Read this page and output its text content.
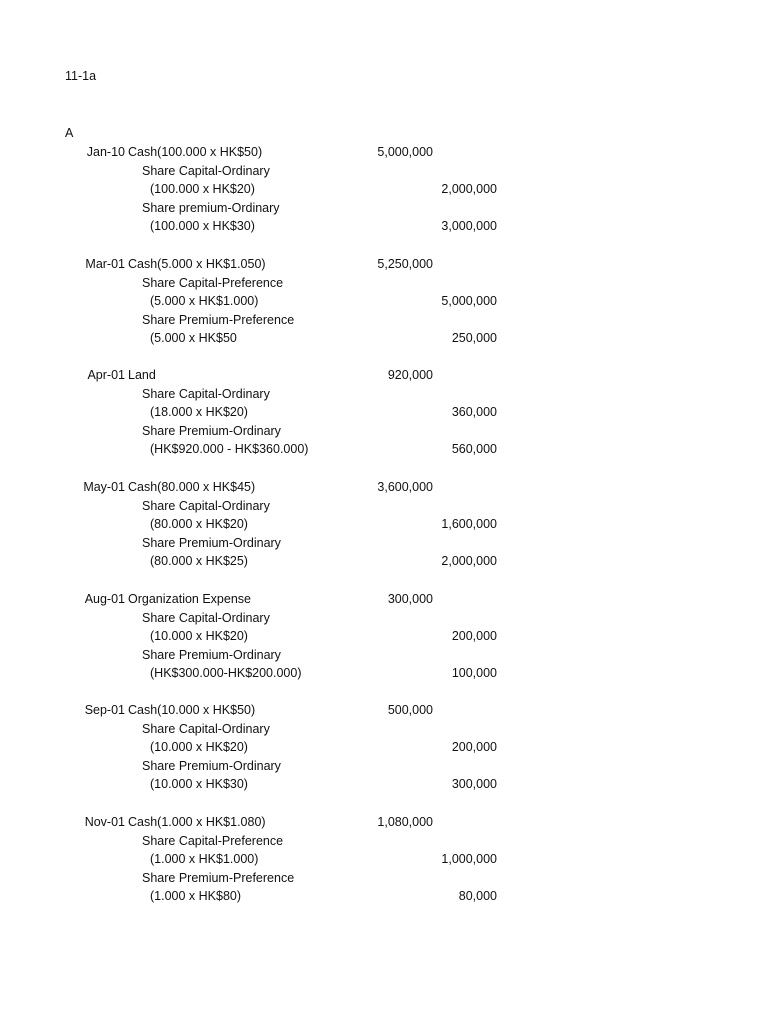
11-1a
A
Jan-10 Cash(100.000 x HK$50)	5,000,000
Share Capital-Ordinary
(100.000 x HK$20)	2,000,000
Share premium-Ordinary
(100.000 x HK$30)	3,000,000
Mar-01 Cash(5.000 x HK$1.050)	5,250,000
Share Capital-Preference
(5.000 x HK$1.000)	5,000,000
Share Premium-Preference
(5.000 x HK$50	250,000
Apr-01 Land	920,000
Share Capital-Ordinary
(18.000 x HK$20)	360,000
Share Premium-Ordinary
(HK$920.000 - HK$360.000)	560,000
May-01 Cash(80.000 x HK$45)	3,600,000
Share Capital-Ordinary
(80.000 x HK$20)	1,600,000
Share Premium-Ordinary
(80.000 x HK$25)	2,000,000
Aug-01 Organization Expense	300,000
Share Capital-Ordinary
(10.000 x HK$20)	200,000
Share Premium-Ordinary
(HK$300.000-HK$200.000)	100,000
Sep-01 Cash(10.000 x HK$50)	500,000
Share Capital-Ordinary
(10.000 x HK$20)	200,000
Share Premium-Ordinary
(10.000 x HK$30)	300,000
Nov-01 Cash(1.000 x HK$1.080)	1,080,000
Share Capital-Preference
(1.000 x HK$1.000)	1,000,000
Share Premium-Preference
(1.000 x HK$80)	80,000
